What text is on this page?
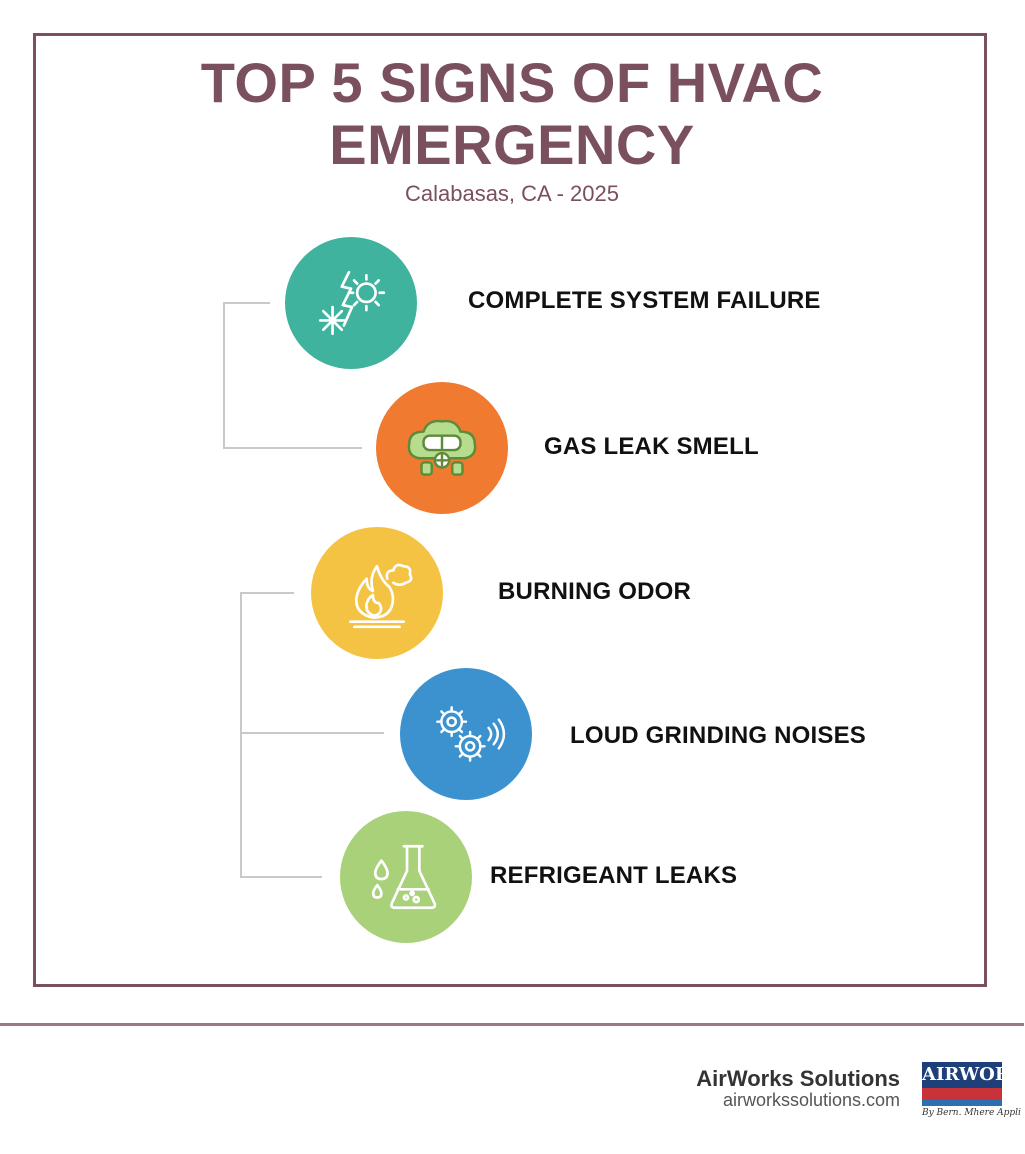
TOP 5 SIGNS OF HVAC
EMERGENCY
Calabasas, CA - 2025
COMPLETE SYSTEM FAILURE
GAS LEAK SMELL
BURNING ODOR
LOUD GRINDING NOISES
REFRIGEANT LEAKS
AirWorks Solutions
airworkssolutions.com
AIRWORK
By Bern. Mhere Appli
